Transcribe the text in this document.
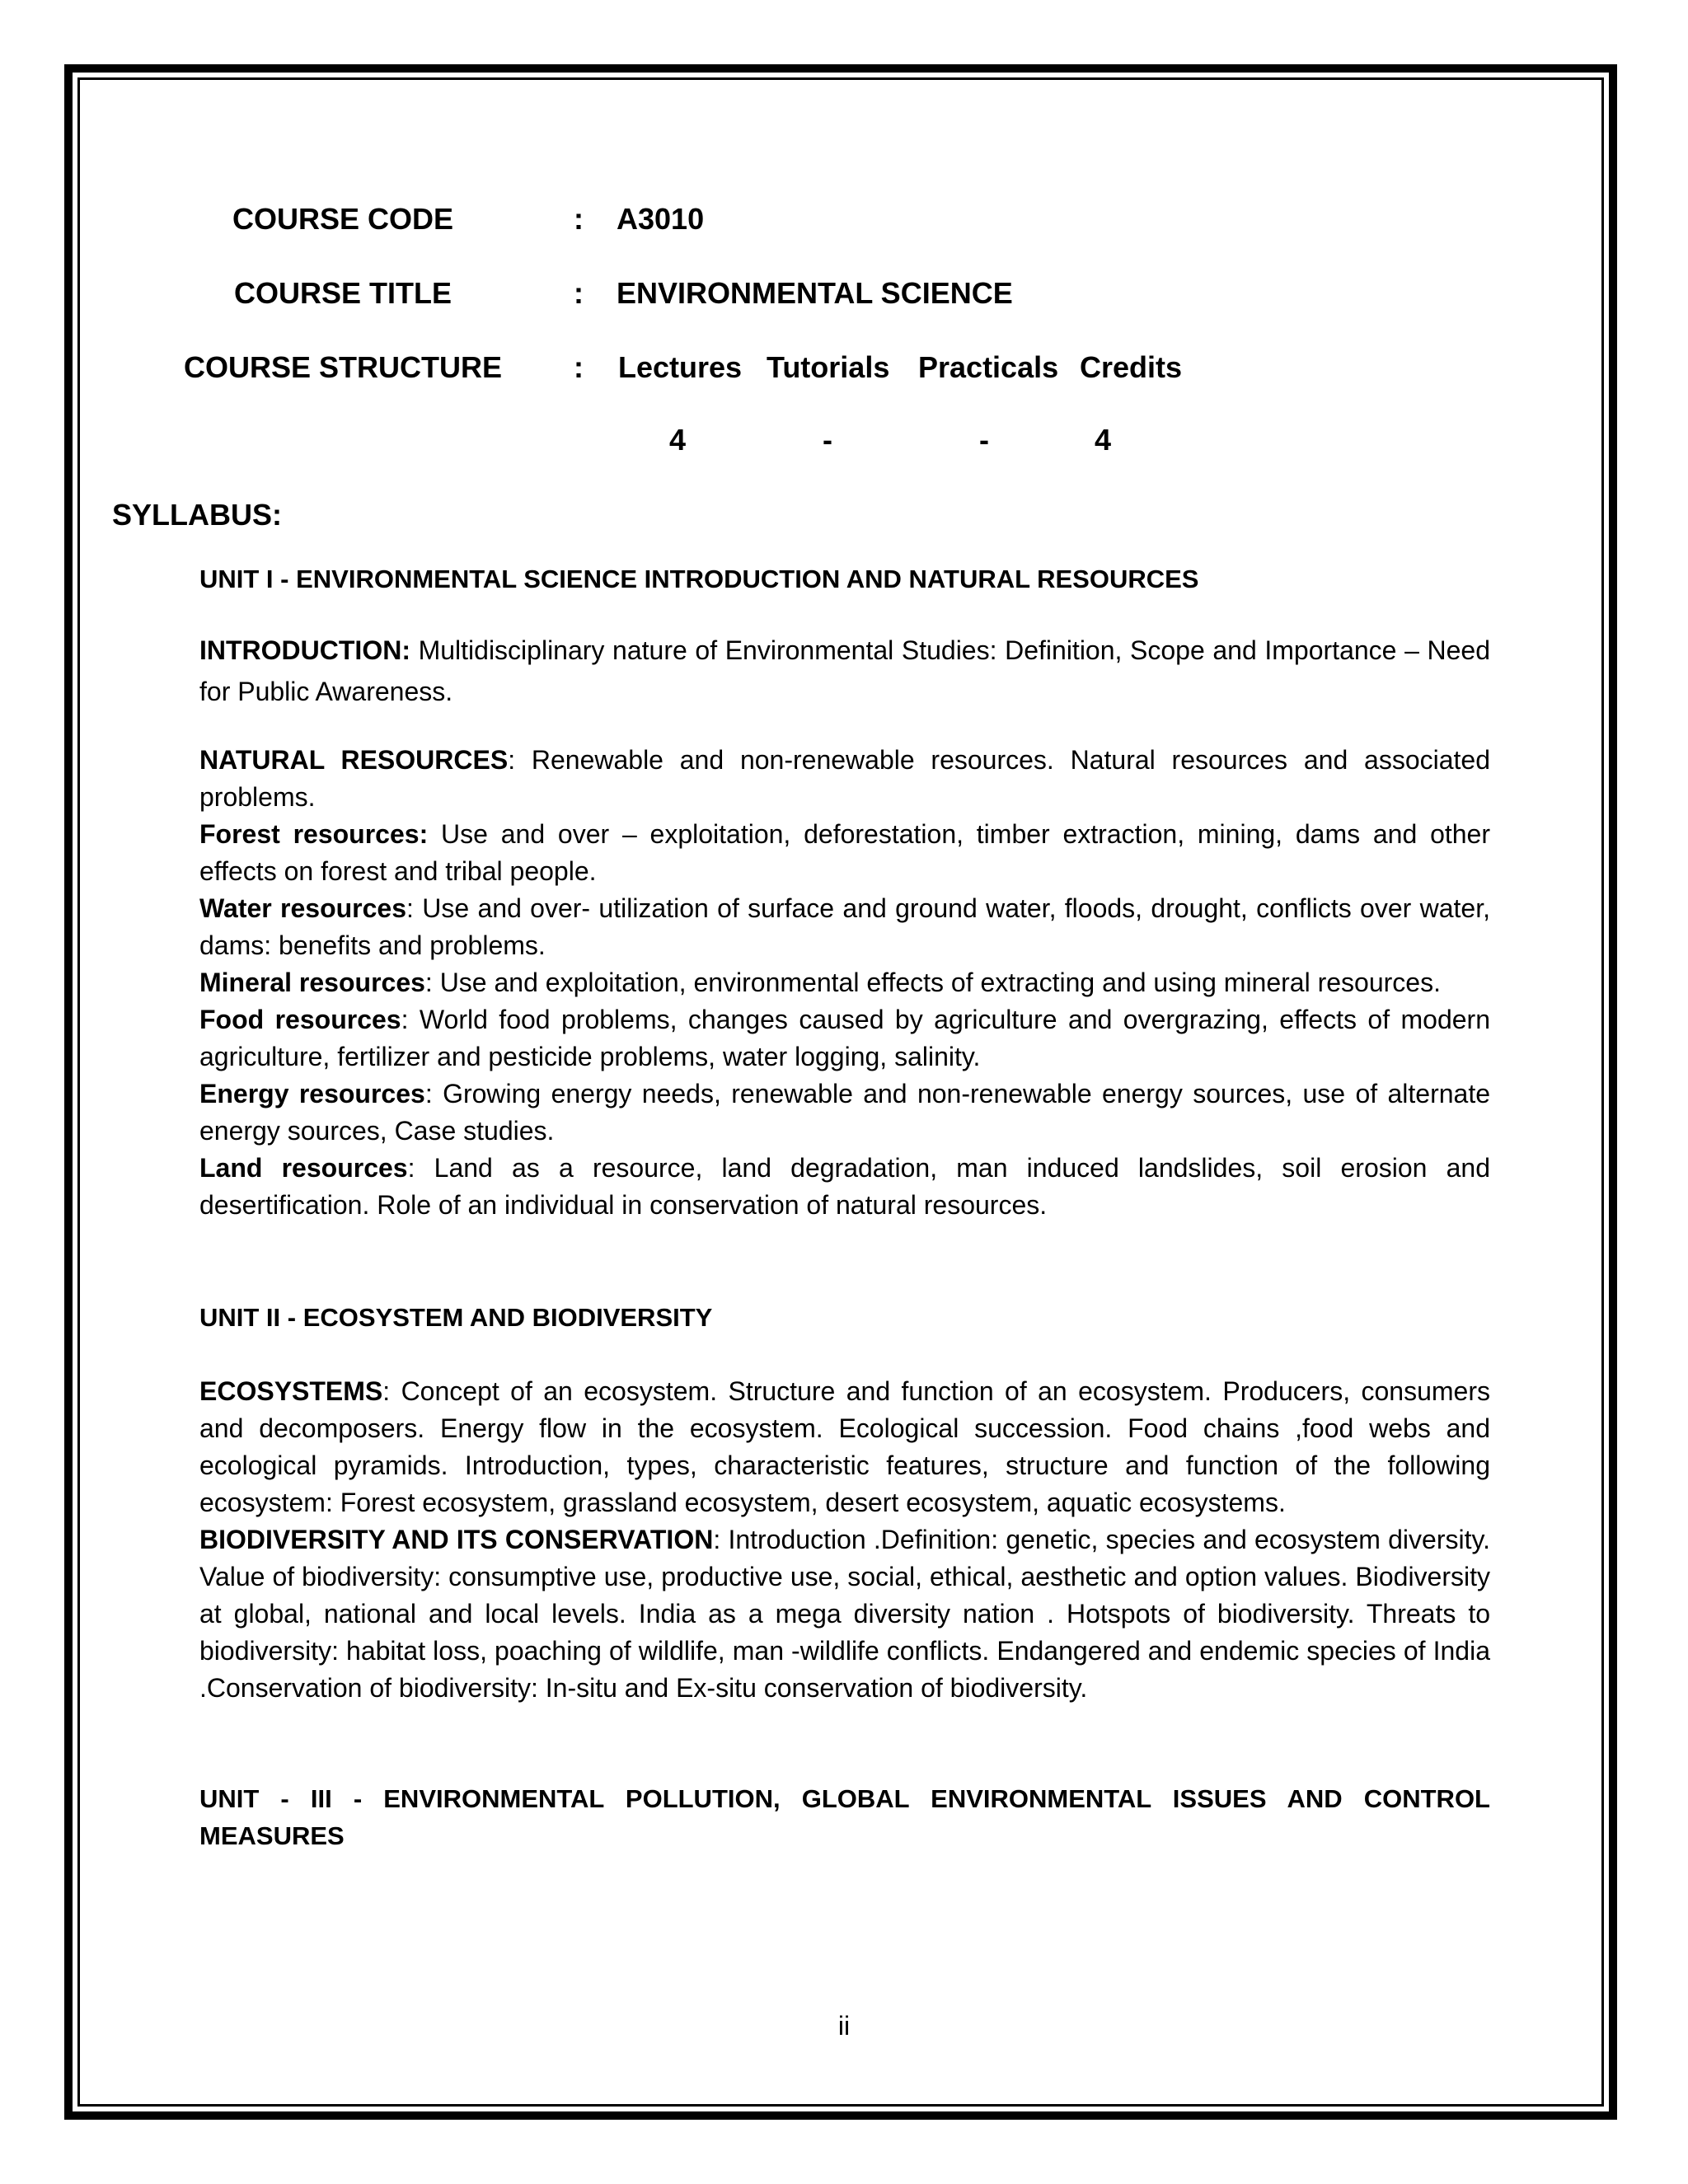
COURSE CODE	: A3010
COURSE TITLE	: ENVIRONMENTAL SCIENCE
COURSE STRUCTURE	: Lectures Tutorials Practicals Credits
4	-	-	4
SYLLABUS:
UNIT I - ENVIRONMENTAL SCIENCE INTRODUCTION AND NATURAL RESOURCES

INTRODUCTION: Multidisciplinary nature of Environmental Studies: Definition, Scope and Importance – Need for Public Awareness.

NATURAL RESOURCES: Renewable and non-renewable resources. Natural resources and associated problems.

Forest resources: Use and over – exploitation, deforestation, timber extraction, mining, dams and other effects on forest and tribal people.

Water resources: Use and over- utilization of surface and ground water, floods, drought, conflicts over water, dams: benefits and problems.

Mineral resources: Use and exploitation, environmental effects of extracting and using mineral resources.

Food resources: World food problems, changes caused by agriculture and overgrazing, effects of modern agriculture, fertilizer and pesticide problems, water logging, salinity.

Energy resources: Growing energy needs, renewable and non-renewable energy sources, use of alternate energy sources, Case studies.

Land resources: Land as a resource, land degradation, man induced landslides, soil erosion and desertification. Role of an individual in conservation of natural resources.

UNIT II - ECOSYSTEM AND BIODIVERSITY

ECOSYSTEMS: Concept of an ecosystem. Structure and function of an ecosystem. Producers, consumers and decomposers. Energy flow in the ecosystem. Ecological succession. Food chains ,food webs and ecological pyramids. Introduction, types, characteristic features, structure and function of the following ecosystem: Forest ecosystem, grassland ecosystem, desert ecosystem, aquatic ecosystems.

BIODIVERSITY AND ITS CONSERVATION: Introduction .Definition: genetic, species and ecosystem diversity. Value of biodiversity: consumptive use, productive use, social, ethical, aesthetic and option values. Biodiversity at global, national and local levels. India as a mega diversity nation . Hotspots of biodiversity. Threats to biodiversity: habitat loss, poaching of wildlife, man -wildlife conflicts. Endangered and endemic species of India .Conservation of biodiversity: In-situ and Ex-situ conservation of biodiversity.

UNIT - III - ENVIRONMENTAL POLLUTION, GLOBAL ENVIRONMENTAL ISSUES AND CONTROL MEASURES
ii
